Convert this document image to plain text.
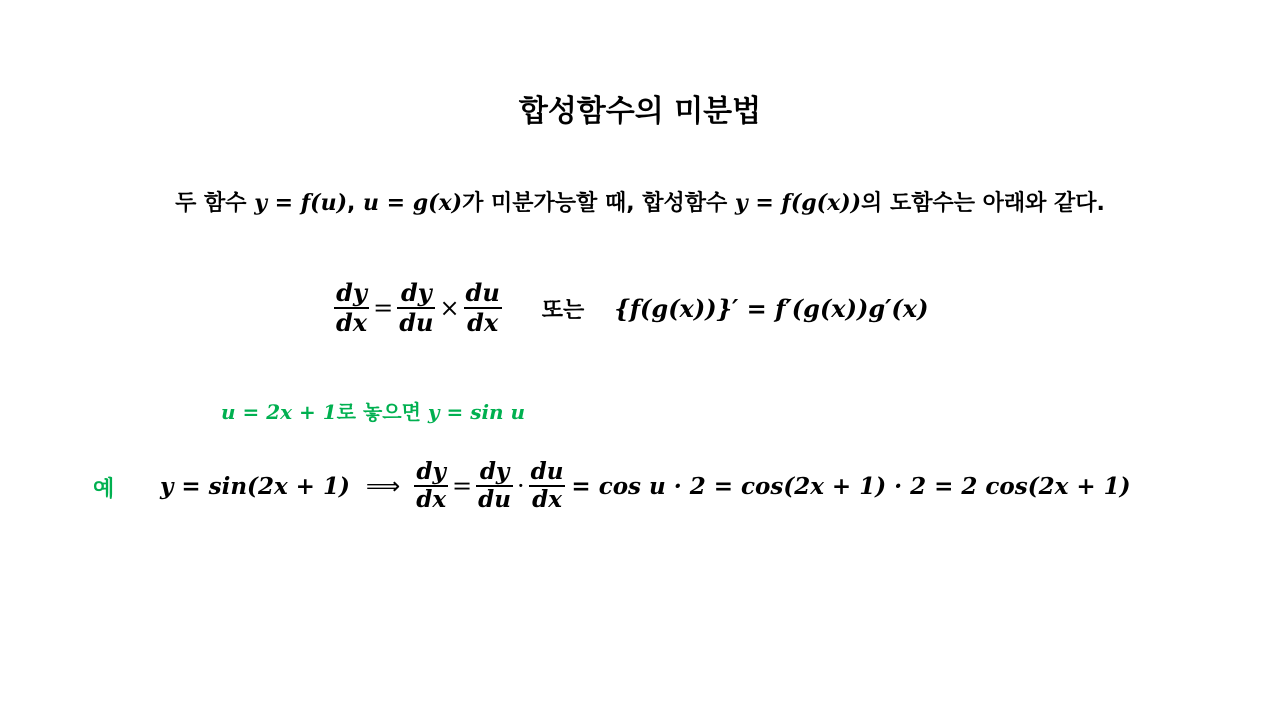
합성함수의 미분법
두 함수 y = f(u), u = g(x)가 미분가능할 때, 합성함수 y = f(g(x))의 도함수는 아래와 같다.
$\frac{dy}{dx} = \frac{dy}{du} \times \frac{du}{dx}$ 또는 {f(g(x))}′ = f′(g(x))g′(x)
u = 2x + 1로 놓으면 y = sin u
예 y = sin(2x + 1) ⟹ $\frac{dy}{dx} = \frac{dy}{du} \cdot \frac{du}{dx} = \cos u \cdot 2 = \cos(2x + 1) \cdot 2 = 2$ cos(2x + 1)
